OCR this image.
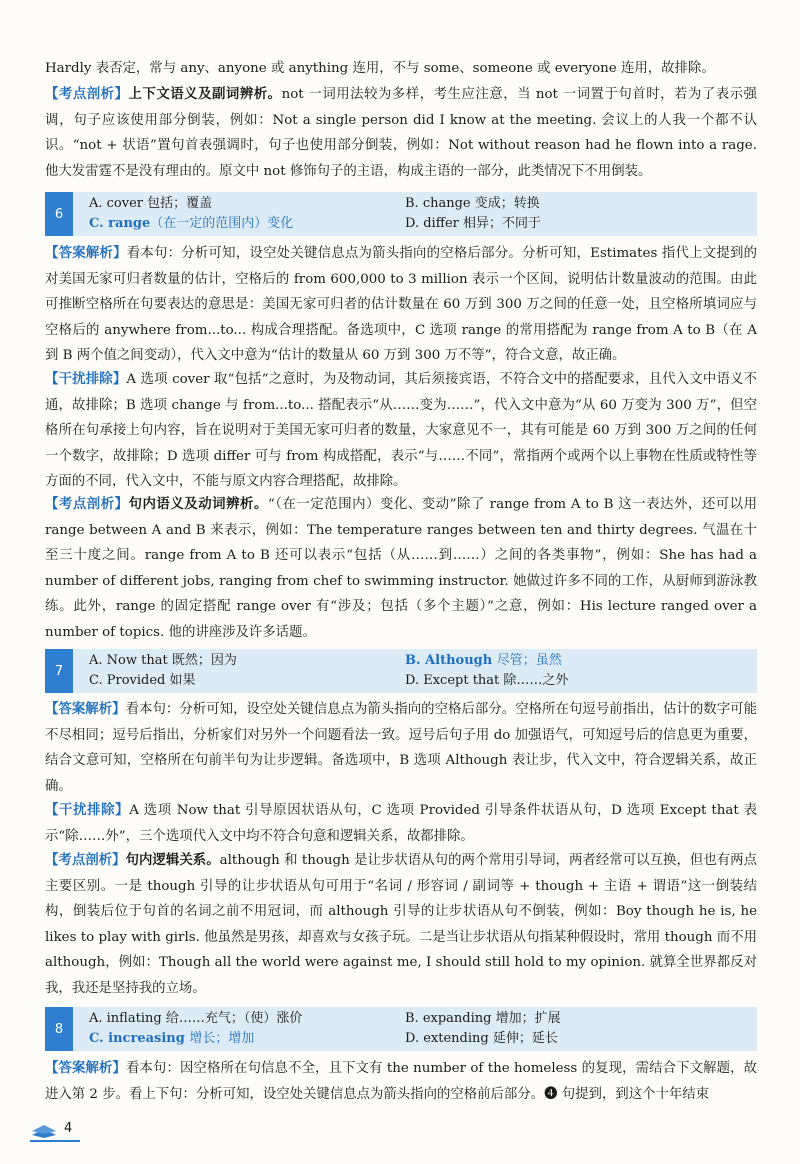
Hardly 表否定，常与 any、anyone 或 anything 连用，不与 some、someone 或 everyone 连用，故排除。

【考点剖析】上下文语义及副词辨析。not 一词用法较为多样，考生应注意，当 not 一词置于句首时，若为了表示强调，句子应该使用部分倒装，例如：Not a single person did I know at the meeting. 会议上的人我一个都不认识。“not + 状语”置句首表强调时，句子也使用部分倒装，例如：Not without reason had he flown into a rage. 他大发雷霆不是没有理由的。原文中 not 修饰句子的主语，构成主语的一部分，此类情况下不用倒装。

6
A. cover 包括；覆盖	B. change 变成；转换
C. range（在一定的范围内）变化	D. differ 相异；不同于

【答案解析】看本句：分析可知，设空处关键信息点为箭头指向的空格后部分。分析可知，Estimates 指代上文提到的对美国无家可归者数量的估计，空格后的 from 600,000 to 3 million 表示一个区间，说明估计数量波动的范围。由此可推断空格所在句要表达的意思是：美国无家可归者的估计数量在 60 万到 300 万之间的任意一处，且空格所填词应与空格后的 anywhere from...to... 构成合理搭配。备选项中，C 选项 range 的常用搭配为 range from A to B（在 A 到 B 两个值之间变动），代入文中意为“估计的数量从 60 万到 300 万不等”，符合文意，故正确。

【干扰排除】A 选项 cover 取“包括”之意时，为及物动词，其后须接宾语，不符合文中的搭配要求，且代入文中语义不通，故排除；B 选项 change 与 from...to... 搭配表示“从……变为……”，代入文中意为“从 60 万变为 300 万”，但空格所在句承接上句内容，旨在说明对于美国无家可归者的数量，大家意见不一，其有可能是 60 万到 300 万之间的任何一个数字，故排除；D 选项 differ 可与 from 构成搭配，表示“与……不同”，常指两个或两个以上事物在性质或特性等方面的不同，代入文中，不能与原文内容合理搭配，故排除。

【考点剖析】句内语义及动词辨析。“（在一定范围内）变化、变动”除了 range from A to B 这一表达外，还可以用 range between A and B 来表示，例如：The temperature ranges between ten and thirty degrees. 气温在十至三十度之间。range from A to B 还可以表示“包括（从……到……）之间的各类事物”，例如：She has had a number of different jobs, ranging from chef to swimming instructor. 她做过许多不同的工作，从厨师到游泳教练。此外，range 的固定搭配 range over 有“涉及；包括（多个主题）”之意，例如：His lecture ranged over a number of topics. 他的讲座涉及许多话题。

7
A. Now that 既然；因为	B. Although 尽管；虽然
C. Provided 如果	D. Except that 除……之外

【答案解析】看本句：分析可知，设空处关键信息点为箭头指向的空格后部分。空格所在句逗号前指出，估计的数字可能不尽相同；逗号后指出，分析家们对另外一个问题看法一致。逗号后句子用 do 加强语气，可知逗号后的信息更为重要，结合文意可知，空格所在句前半句为让步逻辑。备选项中，B 选项 Although 表让步，代入文中，符合逻辑关系，故正确。

【干扰排除】A 选项 Now that 引导原因状语从句，C 选项 Provided 引导条件状语从句，D 选项 Except that 表示“除……外”，三个选项代入文中均不符合句意和逻辑关系，故都排除。

【考点剖析】句内逻辑关系。although 和 though 是让步状语从句的两个常用引导词，两者经常可以互换，但也有两点主要区别。一是 though 引导的让步状语从句可用于“名词 / 形容词 / 副词等 + though + 主语 + 谓语”这一倒装结构，倒装后位于句首的名词之前不用冠词，而 although 引导的让步状语从句不倒装，例如：Boy though he is, he likes to play with girls. 他虽然是男孩，却喜欢与女孩子玩。二是当让步状语从句指某种假设时，常用 though 而不用 although，例如：Though all the world were against me, I should still hold to my opinion. 就算全世界都反对我，我还是坚持我的立场。

8
A. inflating 给……充气；（使）涨价	B. expanding 增加；扩展
C. increasing 增长；增加	D. extending 延伸；延长

【答案解析】看本句：因空格所在句信息不全，且下文有 the number of the homeless 的复现，需结合下文解题，故进入第 2 步。看上下句：分析可知，设空处关键信息点为箭头指向的空格前后部分。❹ 句提到，到这个十年结束

4
